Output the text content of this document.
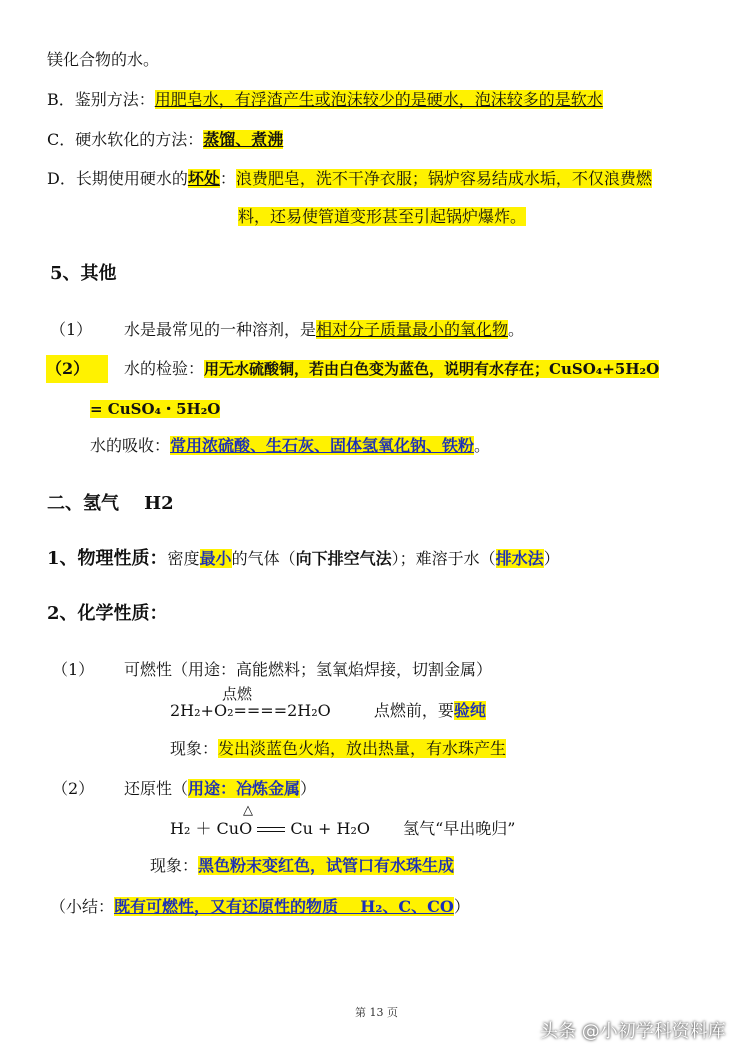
镁化合物的水。
B．鉴别方法：用肥皂水，有浮渣产生或泡沫较少的是硬水，泡沫较多的是软水
C．硬水软化的方法：蒸馏、煮沸
D．长期使用硬水的坏处：浪费肥皂，洗不干净衣服；锅炉容易结成水垢，不仅浪费燃
料，还易使管道变形甚至引起锅炉爆炸。
5、其他
（1） 水是最常见的一种溶剂，是相对分子质量最小的氧化物。
（2） 水的检验：用无水硫酸铜，若由白色变为蓝色，说明有水存在；CuSO₄+5H₂O
= CuSO₄・5H₂O
水的吸收：常用浓硫酸、生石灰、固体氢氧化钠、铁粉。
二、氢气    H2
1、物理性质：密度最小的气体（向下排空气法）；难溶于水（排水法）
2、化学性质：
（1） 可燃性（用途：高能燃料；氢氧焰焊接，切割金属）
点燃
2H₂+O₂====2H₂O	点燃前，要验纯
现象：发出淡蓝色火焰，放出热量，有水珠产生
（2） 还原性（用途：冶炼金属）
△
H₂ ＋ CuO Cu + H₂O 氢气“早出晚归”
现象：黑色粉末变红色，试管口有水珠生成
（小结：既有可燃性，又有还原性的物质    H₂、C、CO）
第 13 页
头条 @小初学科资料库
